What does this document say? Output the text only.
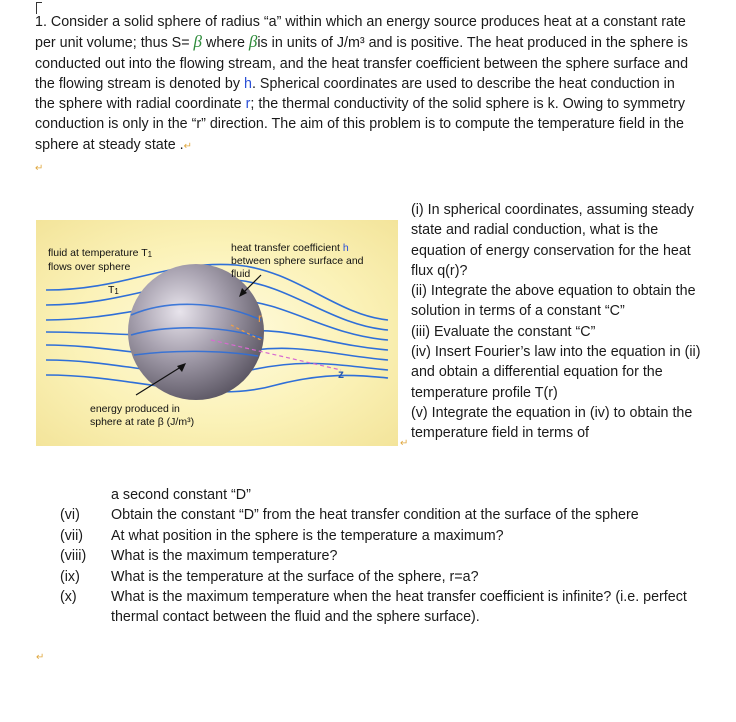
1. Consider a solid sphere of radius “a” within which an energy source produces heat at a constant rate per unit volume; thus S= β where βis in units of J/m³ and is positive. The heat produced in the sphere is conducted out into the flowing stream, and the heat transfer coefficient between the sphere surface and the flowing stream is denoted by h. Spherical coordinates are used to describe the heat conduction in the sphere with radial coordinate r; the thermal conductivity of the solid sphere is k. Owing to symmetry conduction is only in the “r” direction. The aim of this problem is to compute the temperature field in the sphere at steady state .↵
↵
fluid at temperature T1
flows over sphere
T1
heat transfer coefficient h
between sphere surface and
fluid
energy produced in
sphere at rate β (J/m³)
r
z
↵

(i) In spherical coordinates, assuming steady state and radial conduction, what is the equation of energy conservation for the heat flux q(r)?

(ii) Integrate the above equation to obtain the solution in terms of a constant “C”

(iii) Evaluate the constant “C”

(iv) Insert Fourier’s law into the equation in (ii) and obtain a differential equation for the temperature profile T(r)

(v) Integrate the equation in (iv) to obtain the temperature field in terms of

a second constant “D”
(vi)	Obtain the constant “D” from the heat transfer condition at the surface of the sphere
(vii)	At what position in the sphere is the temperature a maximum?
(viii)	What is the maximum temperature?
(ix)	What is the temperature at the surface of the sphere, r=a?
(x)	What is the maximum temperature when the heat transfer coefficient is infinite? (i.e. perfect thermal contact between the fluid and the sphere surface).
↵
